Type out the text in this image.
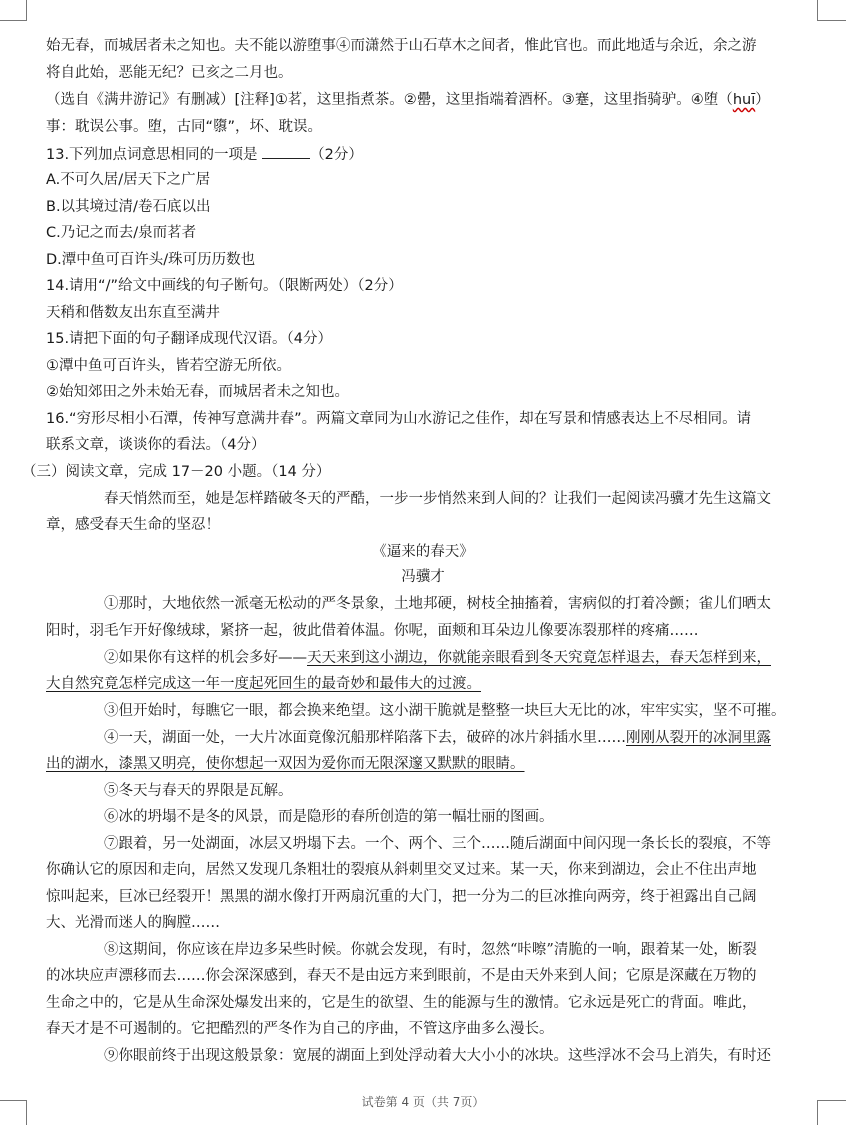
始无春，而城居者未之知也。夫不能以游堕事④而潇然于山石草木之间者，惟此官也。而此地适与余近，余之游
将自此始，恶能无纪？已亥之二月也。
（选自《满井游记》有删减）[注释]①茗，这里指煮茶。②罍，这里指端着酒杯。③蹇，这里指骑驴。④堕（huī）
事：耽误公事。堕，古同“隳”，坏、耽误。
13.下列加点词意思相同的一项是	（2分）
A.不可久居/居天下之广居
B.以其境过清/卷石底以出
C.乃记之而去/泉而茗者
D.潭中鱼可百许头/珠可历历数也
14.请用“/”给文中画线的句子断句。（限断两处）（2分）
天稍和偕数友出东直至满井
15.请把下面的句子翻译成现代汉语。（4分）
①潭中鱼可百许头，皆若空游无所依。
②始知郊田之外未始无春，而城居者未之知也。
16.“穷形尽相小石潭，传神写意满井春”。两篇文章同为山水游记之佳作，却在写景和情感表达上不尽相同。请
联系文章，谈谈你的看法。（4分）
（三）阅读文章，完成 17－20 小题。（14 分）
春天悄然而至，她是怎样踏破冬天的严酷，一步一步悄然来到人间的？让我们一起阅读冯骥才先生这篇文
章，感受春天生命的坚忍！
《逼来的春天》
冯骥才
①那时，大地依然一派毫无松动的严冬景象，土地邦硬，树枝全抽搐着，害病似的打着冷颤；雀儿们晒太
阳时，羽毛乍开好像绒球，紧挤一起，彼此借着体温。你呢，面颊和耳朵边儿像要冻裂那样的疼痛……
②如果你有这样的机会多好——天天来到这小湖边，你就能亲眼看到冬天究竟怎样退去，春天怎样到来，
大自然究竟怎样完成这一年一度起死回生的最奇妙和最伟大的过渡。
③但开始时，每瞧它一眼，都会换来绝望。这小湖干脆就是整整一块巨大无比的冰，牢牢实实，坚不可摧。
④一天，湖面一处，一大片冰面竟像沉船那样陷落下去，破碎的冰片斜插水里……刚刚从裂开的冰洞里露
出的湖水，漆黑又明亮，使你想起一双因为爱你而无限深邃又默默的眼睛。
⑤冬天与春天的界限是瓦解。
⑥冰的坍塌不是冬的风景，而是隐形的春所创造的第一幅壮丽的图画。
⑦跟着，另一处湖面，冰层又坍塌下去。一个、两个、三个……随后湖面中间闪现一条长长的裂痕，不等
你确认它的原因和走向，居然又发现几条粗壮的裂痕从斜刺里交叉过来。某一天，你来到湖边，会止不住出声地
惊叫起来，巨冰已经裂开！黑黑的湖水像打开两扇沉重的大门，把一分为二的巨冰推向两旁，终于袒露出自己阔
大、光滑而迷人的胸膛……
⑧这期间，你应该在岸边多呆些时候。你就会发现，有时，忽然“咔嚓”清脆的一响，跟着某一处，断裂
的冰块应声漂移而去……你会深深感到，春天不是由远方来到眼前，不是由天外来到人间；它原是深藏在万物的
生命之中的，它是从生命深处爆发出来的，它是生的欲望、生的能源与生的激情。它永远是死亡的背面。唯此，
春天才是不可遏制的。它把酷烈的严冬作为自己的序曲，不管这序曲多么漫长。
⑨你眼前终于出现这般景象：宽展的湖面上到处浮动着大大小小的冰块。这些浮冰不会马上消失，有时还
试卷第 4 页（共 7页）
